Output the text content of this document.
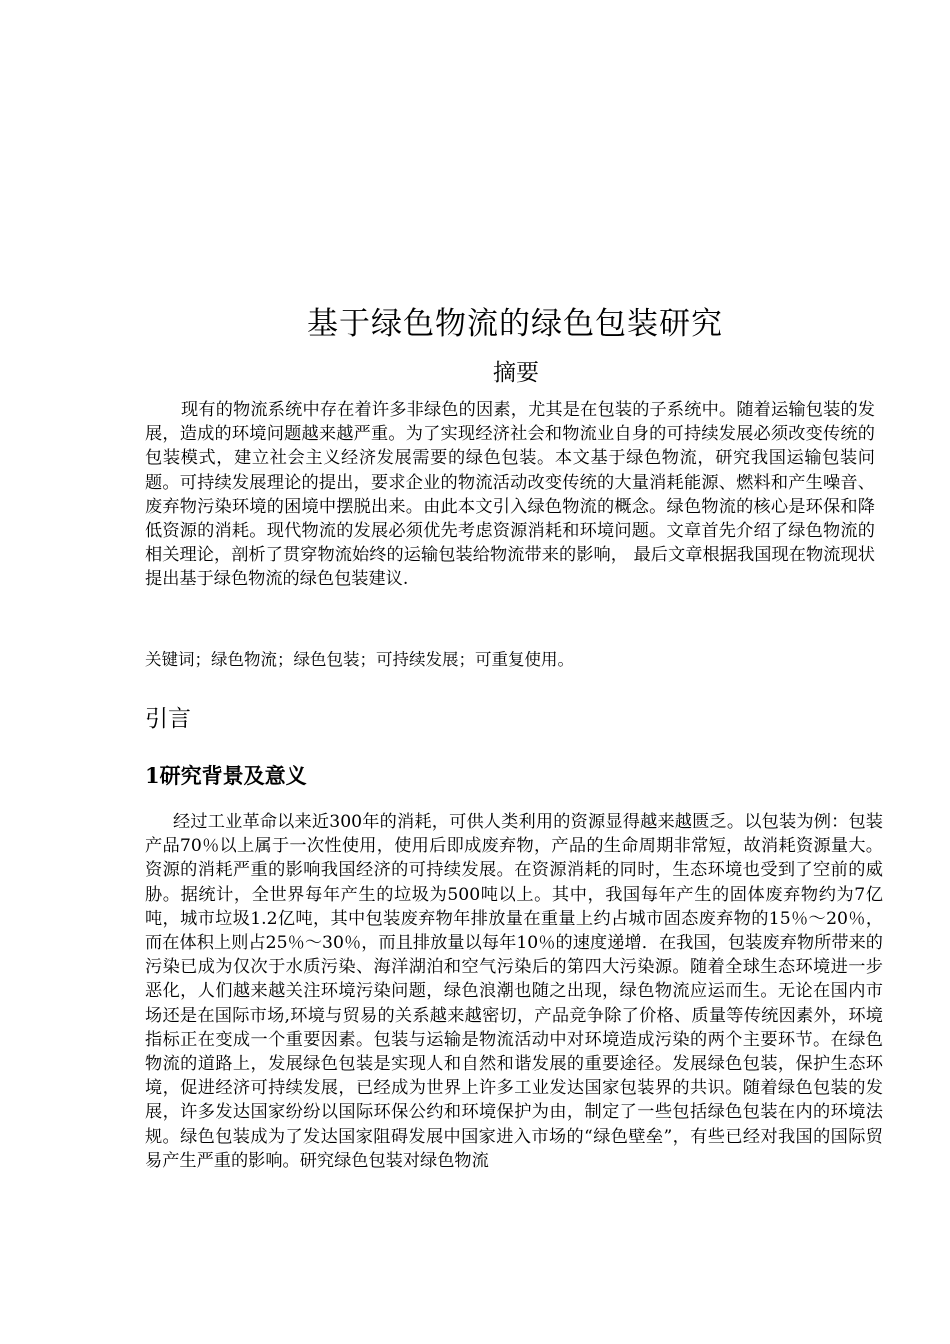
基于绿色物流的绿色包装研究
摘要

现有的物流系统中存在着许多非绿色的因素，尤其是在包装的子系统中。随着运输包装的发展，造成的环境问题越来越严重。为了实现经济社会和物流业自身的可持续发展必须改变传统的包装模式，建立社会主义经济发展需要的绿色包装。本文基于绿色物流，研究我国运输包装问题。可持续发展理论的提出，要求企业的物流活动改变传统的大量消耗能源、燃料和产生噪音、废弃物污染环境的困境中摆脱出来。由此本文引入绿色物流的概念。绿色物流的核心是环保和降低资源的消耗。现代物流的发展必须优先考虑资源消耗和环境问题。文章首先介绍了绿色物流的相关理论，剖析了贯穿物流始终的运输包装给物流带来的影响， 最后文章根据我国现在物流现状提出基于绿色物流的绿色包装建议.

关键词；绿色物流；绿色包装；可持续发展；可重复使用。

引言
1研究背景及意义

经过工业革命以来近300年的消耗，可供人类利用的资源显得越来越匮乏。以包装为例：包装产品70％以上属于一次性使用，使用后即成废弃物，产品的生命周期非常短，故消耗资源量大。资源的消耗严重的影响我国经济的可持续发展。在资源消耗的同时，生态环境也受到了空前的威胁。据统计，全世界每年产生的垃圾为500吨以上。其中，我国每年产生的固体废弃物约为7亿吨，城市垃圾1.2亿吨，其中包装废弃物年排放量在重量上约占城市固态废弃物的15％～20％，而在体积上则占25％～30％，而且排放量以每年10％的速度递增．在我国，包装废弃物所带来的污染已成为仅次于水质污染、海洋湖泊和空气污染后的第四大污染源。随着全球生态环境进一步恶化，人们越来越关注环境污染问题，绿色浪潮也随之出现，绿色物流应运而生。无论在国内市场还是在国际市场,环境与贸易的关系越来越密切，产品竞争除了价格、质量等传统因素外，环境指标正在变成一个重要因素。包装与运输是物流活动中对环境造成污染的两个主要环节。在绿色物流的道路上，发展绿色包装是实现人和自然和谐发展的重要途径。发展绿色包装，保护生态环境，促进经济可持续发展，已经成为世界上许多工业发达国家包装界的共识。随着绿色包装的发展，许多发达国家纷纷以国际环保公约和环境保护为由，制定了一些包括绿色包装在内的环境法规。绿色包装成为了发达国家阻碍发展中国家进入市场的“绿色壁垒”，有些已经对我国的国际贸易产生严重的影响。研究绿色包装对绿色物流
